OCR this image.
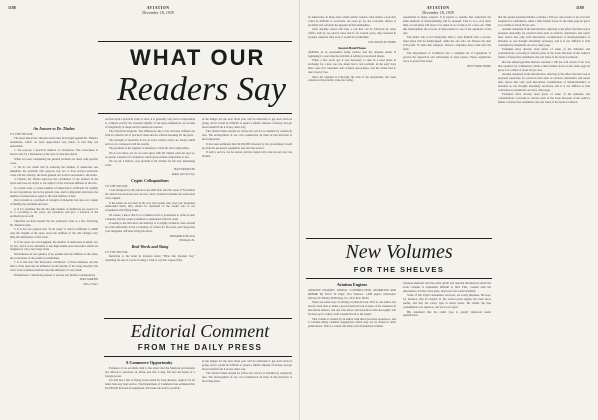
1188	AVIATION
December 18, 1939
WHAT OUR
Readers Say
An Answer to Dr. Thalen

TO THE EDITOR:

The most important criticism which may be brought against Dr. Thalen's statements, which we have appreciated very much, is that they are unfounded.

1. We propose a practical method of calculation. The correctness is shown only by a discussion on the type of structure tested.

While we were considering the general problem, he deals with specific cases.

2. We do not doubt that in reducing the number of unknowns one simplifies the problem. Our purpose was not to treat several particular cases. On the contrary, the more general our work in aeronautics, the better.

3. Further, Dr. Thalen approves the calculation of the stresses in the spars and does not object to our neglect of the torsional stiffness of the ribs.

In certain cases a certain number of unknowns is sufficient for rigidity in our calculations, but in the general case, and for important structures, the number of unknowns is equal to the total number of bars.

Our problem is a problem of strength of materials but does not consist of finding the optimum structure.

4. If it is assumed that the ribs (the number of members) are equal to 6 or 7, according to the cases, our equations will give a solution of the problem just as well.

Therefore we have treated the two particular cases as a test, following Dr. Thalen's letter.

5. It is not our opinion that "in all cases" it will be sufficient to admit only the lengths of the spars, since the stiffness of the ribs changes very little the distribution of the loads.

6. If the spars are overweighted, the number of unknowns is small, two by two, and it is not advisable to use high-tensile-steel structures which are designed to carry very large loads.

Nevertheless in our opinion, if we assume that the stiffness is the same, the correctness of the results is established.

7. It is true that "the theoretical conditions" of these methods, and the effect of the spars has an influence on the rigidity of the wing structure; the static load conditions indicate that this influence is very small.

Furthermore, I should be pleased to receive any further considerations.

JEAN MARTIN

Paris, France

out that from a practical point of view, it is generally very hard or impossible to compare exactly the torsional rigidity of the spars themselves on account of irregularity of shape and for numerous reasons.

The Structural Analysis. The differences due to the torsional stiffness are both too small to be of practical value and are without meaning for the spars.

The strength of materials is not an exact science; there are always small errors to be compared with the results.

The problem of the engineer is therefore to find the best compromise.

We do not share, nor do we even agree with Dr. Thalen when he says so; we prefer a method of calculation which gives results comparable to test.

We are all, I believe, very grateful to Dr. Thalen for his very interesting work.

JEAN FRANCOIS

Rubber Aircraft Corp.

Cryptic Colloquialisms

TO THE EDITOR:

I was intrigued by the article in the 20th Year Air Fair issue of November 20, which was about the new air race, and I wondered whether the terms used were original.

If the terms are not used in the way that people who read your magazine understand them, they should be explained to the reader who is not acquainted with flying terms.

Of course, I know that it is a common trick of journalists to write in such a manner, but the reader is entitled to understand what he reads.

It seems to me that since the industry is so highly technical, there should be some uniformity in the vocabulary of writers for the trade, and I hope that your magazine will help bring this about.

HOWARD P. BLACK

Pittsburgh, Pa.

Real Words and Slang

TO THE EDITOR:

Referring to the letter in Aviation under "What Our Readers Say," regarding the use of words of slang, I wish to say that I agree fully.

in the budget for the next fiscal year will be sufficient to get such services going, and it would be difficult to spend a similar amount of money and get more benefit from it in any other way.

The United States should act before the service is handled by somebody else. The development of our own commercial air lines in this direction is most important.

It has been estimated that $2,500,000 invested by the government would provide the necessary equipment and start the service.

If such a service can be started, private capital will come in and carry the burden.

Editorial Comment
FROM THE DAILY PRESS
A Commerce Opportunity

Evidence of an excellent item to the effect that the Mexican government has offered to purchase an airline and that it may fall into the hands of a foreign power.

It is felt that a line of flying boats, tested for long distance, ought to be far better than any land service. The Department of Commerce has estimated that $2,500,000 invested in equipment will make the service possible.

in the budget for the next fiscal year will be sufficient to get such services going, and it would be difficult to spend a similar amount of money and get more benefit from it in any other way.

The United States should act before the service is handled by somebody else. The development of our own commercial air lines in this direction is most important.

AVIATION
December 18, 1939
1189

by Americans, in these areas. Other public opinion often strikes a note that could be difficult to overcome. As years go by, the economic impact is probably and certainly the greatest in this hemisphere.

Such airplane routes will bear a toll that can be followed by other traffic, both by sea and by land, and if, for several years, they returned in revenue whatever they took, it would be worthwhile.

LOS ANGELES TIMES

Second-Hand Planes

AMONG us in aeronautics many believe that the airplane dealer is beginning to overcome the problem of selling second-hand planes.

When a few years ago it was necessary to take in a used plane in exchange for a new one, the dealer had a real problem. In the early days there were few customers who wanted used planes, and the dealer had to take a heavy loss.

Since the airplane is following the trail of the automobile, the same solution will probably come into being.

automobile in many respects. It is logical to assume that somewhat the same methods of merchandising will be pursued. That is, in a very short time, an old plane will have to be taken in as a trade-in on a new one. With this development the process of depreciation is one of the questions of the day.

The dealer who is not financially able to carry himself with a second-hand plane will be handicapped, while the one who can finance the deal will profit. To meet this situation, finance companies have come into the field.

The Department of Commerce has a complete set of regulations to govern the inspection and relicensing of used planes. These regulations serve to protect the buyer.

NEW YORK TIMES

that the annual gasoline mixture contains a 100 per cent excess of air over that required for combustion, while a little further down on the same page he gives it as a limit of about 50 per cent.

Another statement in the introduction, referring to the effect that the book is prepared especially for practical men such as aviators, mechanics and repair men, shows that only such theoretical consideration of thermodynamics is included as was thought absolutely necessary, and it is not difficult to find contradictory statements on every other page.

Examples have already been given of some of the mistakes and contradictions occurring in various parts of the book. Because of the author's failure of many fine statements, the real value of the book is reduced.

that the annual gasoline mixture contains a 100 per cent excess of air over that required for combustion, while a little further down on the same page he gives it as a limit of about 50 per cent.

Another statement in the introduction, referring to the effect that the book is prepared especially for practical men such as aviators, mechanics and repair men, shows that only such theoretical consideration of thermodynamics is included as was thought absolutely necessary, and it is not difficult to find contradictory statements on every other page.

Examples have already been given of some of the mistakes and contradictions occurring in various parts of the book. Because of the author's failure of many fine statements, the real value of the book is reduced.

New Volumes
FOR THE SHELVES
Aviation Engines

AVIATION ENGINES: DESIGN, CONSTRUCTION, OPERATION AND REPAIR. By Victor W. Pagé. Two Volumes. 1,068 pages; illustrated. Norman W. Henley Publishing Co., New York. $6.00.

There are some ways of writing a technical book. That is, one author has always been able to make a good practical book in spite of his weakness in theoretical matters, and one who knows the theoretical side thoroughly will be more apt to bring a well-rounded book to the reader.

This volume is written by an author with much practical experience, and it contains many valuable suggestions which may not be found in other publications. This is a sound and fairly well documented volume.

treasures material, and the really useful and relevant information which the book contains is sometimes difficult to find. This, coupled with the disposition of some of the parts, may leave the reader doubtful.

Some of Mr. Pagé's statements, however, are really mistakes. He says, for instance, that in Chapter II, the water-cooled engine has been more useful, and that the rotary type is much better. He claims the fuel consumption was superior, and we do not agree.

His statement that the radial type is greatly improved needs qualification.
